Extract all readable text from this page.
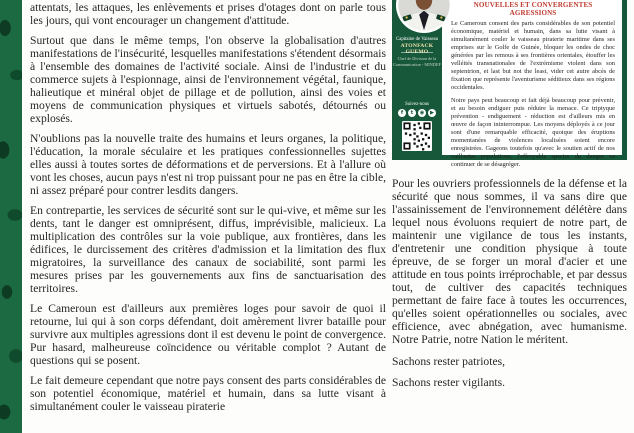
attentats, les attaques, les enlèvements et prises d'otages dont on parle tous les jours, qui vont encourager un changement d'attitude.

Surtout que dans le même temps, l'on observe la globalisation d'autres manifestations de l'insécurité, lesquelles manifestations s'étendent désormais à l'ensemble des domaines de l'activité sociale. Ainsi de l'industrie et du commerce sujets à l'espionnage, ainsi de l'environnement végétal, faunique, halieutique et minéral objet de pillage et de pollution, ainsi des voies et moyens de communication physiques et virtuels sabotés, détournés ou explosés.

N'oublions pas la nouvelle traite des humains et leurs organes, la politique, l'éducation, la morale séculaire et les pratiques confessionnelles sujettes elles aussi à toutes sortes de déformations et de perversions. Et à l'allure où vont les choses, aucun pays n'est ni trop puissant pour ne pas en être la cible, ni assez préparé pour contrer lesdits dangers.

En contrepartie, les services de sécurité sont sur le qui-vive, et même sur les dents, tant le danger est omniprésent, diffus, imprévisible, malicieux. La multiplication des contrôles sur la voie publique, aux frontières, dans les édifices, le durcissement des critères d'admission et la limitation des flux migratoires, la surveillance des canaux de sociabilité, sont parmi les mesures prises par les gouvernements aux fins de sanctuarisation des territoires.

Le Cameroun est d'ailleurs aux premières loges pour savoir de quoi il retourne, lui qui à son corps défendant, doit amèrement livrer bataille pour survivre aux multiples agressions dont il est devenu le point de convergence. Pur hasard, malheureuse coïncidence ou véritable complot ? Autant de questions qui se posent.

Le fait demeure cependant que notre pays consent des parts considérables de son potentiel économique, matériel et humain, dans sa lutte visant à simultanément couler le vaisseau piraterie

Capitaine de Vaisseau
ATONFACK GUEMO
Chef de Division de la
Communication - MINDEF
Suivez-nous
f	t	◉	▶
NOUVELLES ET CONVERGENTES AGRESSIONS

Le Cameroun consent des parts considérables de son potentiel économique, matériel et humain, dans sa lutte visant à simultanément couler le vaisseau piraterie maritime dans ses emprises sur le Golfe de Guinée, bloquer les ondes de choc générées par les remous à ses frontières orientales, étouffer les velléités transnationales de l'extrémisme violent dans son septentrion, et last but not the least, vider cet autre abcès de fixation que représente l'aventurisme séditieux dans ses régions occidentales.

Notre pays peut beaucoup et fait déjà beaucoup pour prévenir, et au besoin endiguer puis réduire la menace. Ce triptyque prévention - endiguement - réduction est d'ailleurs mis en œuvre de façon ininterrompue. Les moyens déployés à ce jour sont d'une remarquable efficacité, quoique des éruptions momentanées de violences localisées soient encore enregistrées. Gageons toutefois qu'avec le soutien actif de nos vaillantes populations, l'effroyable spectre du danger va continuer de se désagréger.

Pour les ouvriers professionnels de la défense et la sécurité que nous sommes, il va sans dire que l'assainissement de l'environnement délétère dans lequel nous évoluons requiert de notre part, de maintenir une vigilance de tous les instants, d'entretenir une condition physique à toute épreuve, de se forger un moral d'acier et une attitude en tous points irréprochable, et par dessus tout, de cultiver des capacités techniques permettant de faire face à toutes les occurrences, qu'elles soient opérationnelles ou sociales, avec efficience, avec abnégation, avec humanisme. Notre Patrie, notre Nation le méritent.

Sachons rester patriotes,

Sachons rester vigilants.
